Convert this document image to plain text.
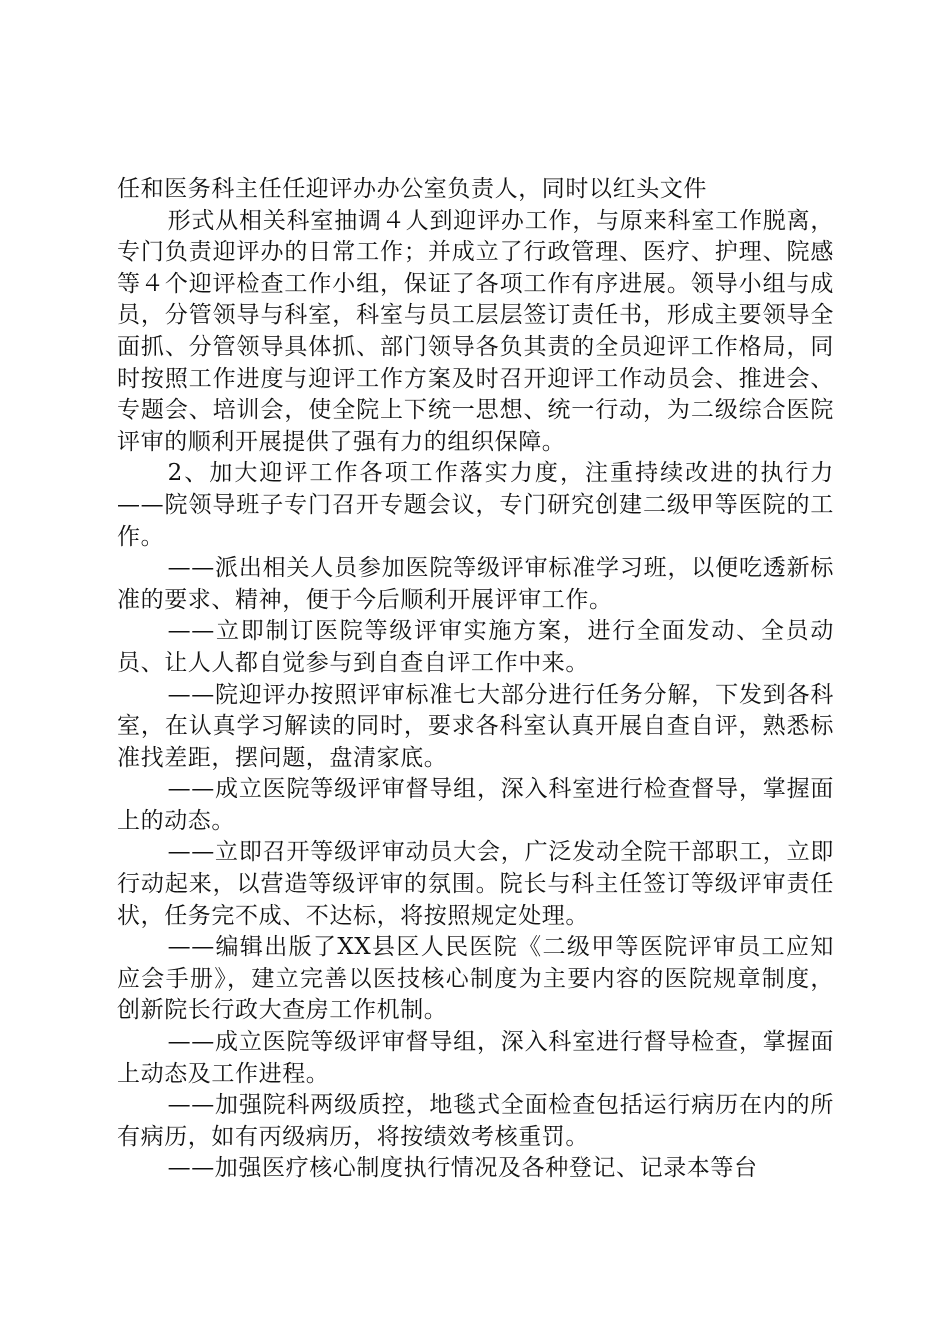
任和医务科主任任迎评办办公室负责人，同时以红头文件

形式从相关科室抽调４人到迎评办工作，与原来科室工作脱离，专门负责迎评办的日常工作；并成立了行政管理、医疗、护理、院感等４个迎评检查工作小组，保证了各项工作有序进展。领导小组与成员，分管领导与科室，科室与员工层层签订责任书，形成主要领导全面抓、分管领导具体抓、部门领导各负其责的全员迎评工作格局，同时按照工作进度与迎评工作方案及时召开迎评工作动员会、推进会、专题会、培训会，使全院上下统一思想、统一行动，为二级综合医院评审的顺利开展提供了强有力的组织保障。

2、加大迎评工作各项工作落实力度，注重持续改进的执行力——院领导班子专门召开专题会议，专门研究创建二级甲等医院的工作。

——派出相关人员参加医院等级评审标准学习班，以便吃透新标准的要求、精神，便于今后顺利开展评审工作。

——立即制订医院等级评审实施方案，进行全面发动、全员动员、让人人都自觉参与到自查自评工作中来。

——院迎评办按照评审标准七大部分进行任务分解，下发到各科室，在认真学习解读的同时，要求各科室认真开展自查自评，熟悉标准找差距，摆问题，盘清家底。

——成立医院等级评审督导组，深入科室进行检查督导，掌握面上的动态。

——立即召开等级评审动员大会，广泛发动全院干部职工，立即行动起来，以营造等级评审的氛围。院长与科主任签订等级评审责任状，任务完不成、不达标，将按照规定处理。

——编辑出版了XX县区人民医院《二级甲等医院评审员工应知应会手册》，建立完善以医技核心制度为主要内容的医院规章制度，创新院长行政大查房工作机制。

——成立医院等级评审督导组，深入科室进行督导检查，掌握面上动态及工作进程。

——加强院科两级质控，地毯式全面检查包括运行病历在内的所有病历，如有丙级病历，将按绩效考核重罚。

——加强医疗核心制度执行情况及各种登记、记录本等台
